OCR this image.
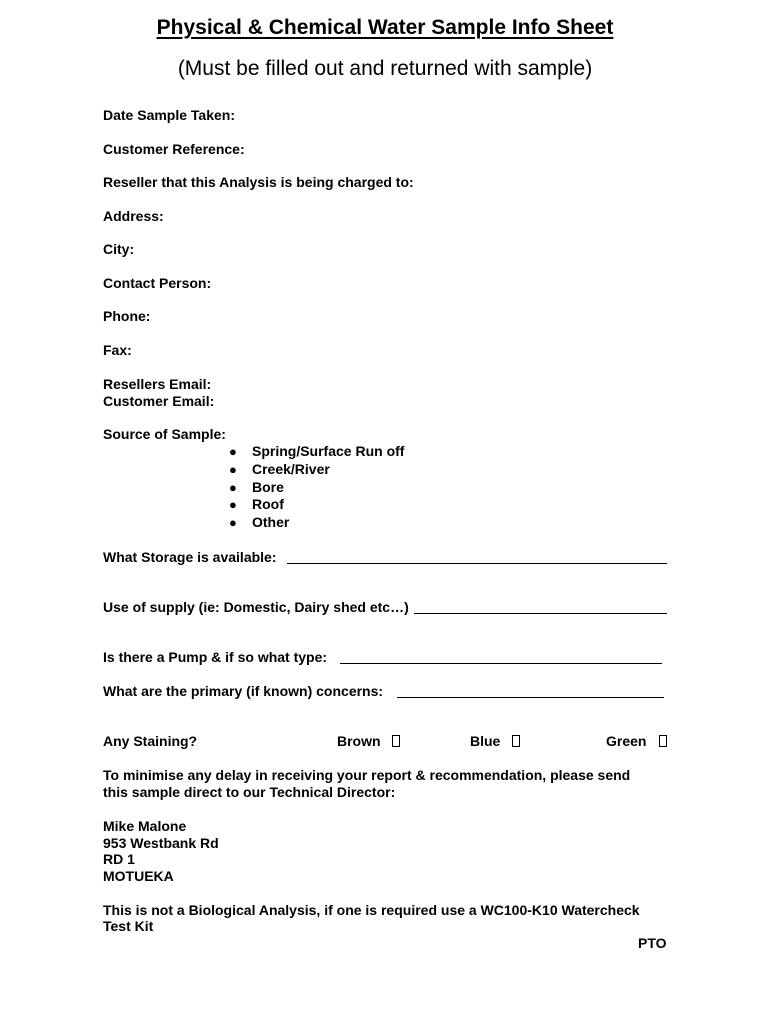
Physical & Chemical Water Sample Info Sheet
(Must be filled out and returned with sample)
Date Sample Taken:
Customer Reference:
Reseller that this Analysis is being charged to:
Address:
City:
Contact Person:
Phone:
Fax:
Resellers Email:
Customer Email:
Source of Sample:
● Spring/Surface Run off
● Creek/River
● Bore
● Roof
● Other
What Storage is available:
Use of supply (ie: Domestic, Dairy shed etc…)
Is there a Pump & if so what type:
What are the primary (if known) concerns:
Any Staining?	Brown	Blue	Green
To minimise any delay in receiving your report & recommendation, please send
this sample direct to our Technical Director:
Mike Malone
953 Westbank Rd
RD 1
MOTUEKA
This is not a Biological Analysis, if one is required use a WC100-K10 Watercheck
Test Kit
PTO
